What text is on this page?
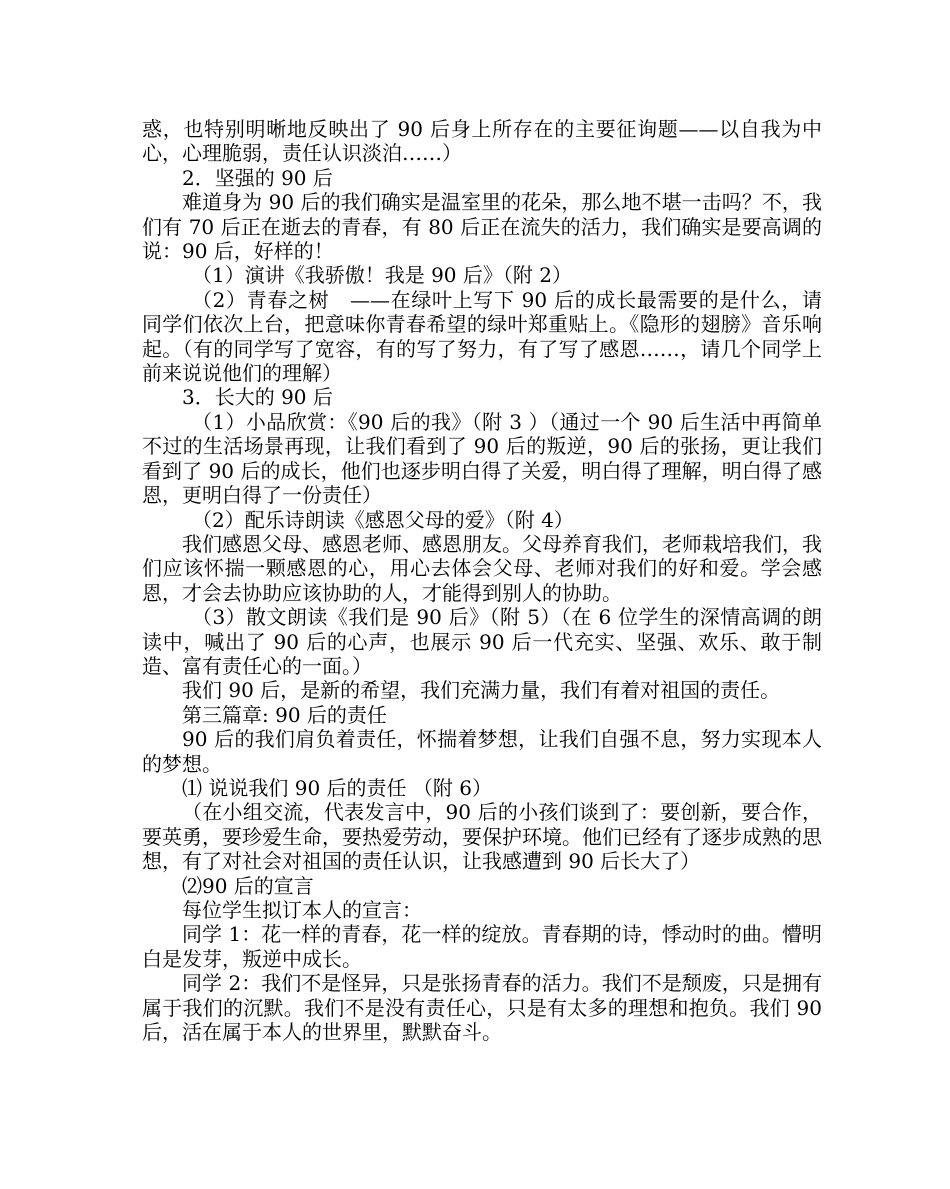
惑，也特别明晰地反映出了 90 后身上所存在的主要征询题——以自我为中心，心理脆弱，责任认识淡泊……）

2．坚强的 90 后

难道身为 90 后的我们确实是温室里的花朵，那么地不堪一击吗？不，我们有 70 后正在逝去的青春，有 80 后正在流失的活力，我们确实是要高调的说：90 后，好样的！

（1）演讲《我骄傲！我是 90 后》（附 2）

（2）青春之树　——在绿叶上写下 90 后的成长最需要的是什么，请同学们依次上台，把意味你青春希望的绿叶郑重贴上。《隐形的翅膀》音乐响起。（有的同学写了宽容，有的写了努力，有了写了感恩……，请几个同学上前来说说他们的理解）

3．长大的 90 后

（1）小品欣赏：《90 后的我》（附 3 ）（通过一个 90 后生活中再简单不过的生活场景再现，让我们看到了 90 后的叛逆，90 后的张扬，更让我们看到了 90 后的成长，他们也逐步明白得了关爱，明白得了理解，明白得了感恩，更明白得了一份责任）

（2）配乐诗朗读《感恩父母的爱》（附 4）

我们感恩父母、感恩老师、感恩朋友。父母养育我们，老师栽培我们，我们应该怀揣一颗感恩的心，用心去体会父母、老师对我们的好和爱。学会感恩，才会去协助应该协助的人，才能得到别人的协助。

（3）散文朗读《我们是 90 后》（附 5）（在 6 位学生的深情高调的朗读中，喊出了 90 后的心声，也展示 90 后一代充实、坚强、欢乐、敢于制造、富有责任心的一面。）

我们 90 后，是新的希望，我们充满力量，我们有着对祖国的责任。

第三篇章: 90 后的责任

90 后的我们肩负着责任，怀揣着梦想，让我们自强不息，努力实现本人的梦想。

⑴ 说说我们 90 后的责任 （附 6）

（在小组交流，代表发言中，90 后的小孩们谈到了：要创新，要合作，要英勇，要珍爱生命，要热爱劳动，要保护环境。他们已经有了逐步成熟的思想，有了对社会对祖国的责任认识，让我感遭到 90 后长大了）

⑵90 后的宣言

每位学生拟订本人的宣言：

同学 1：花一样的青春，花一样的绽放。青春期的诗，悸动时的曲。懵明白是发芽，叛逆中成长。

同学 2：我们不是怪异，只是张扬青春的活力。我们不是颓废，只是拥有属于我们的沉默。我们不是没有责任心，只是有太多的理想和抱负。我们 90 后，活在属于本人的世界里，默默奋斗。
